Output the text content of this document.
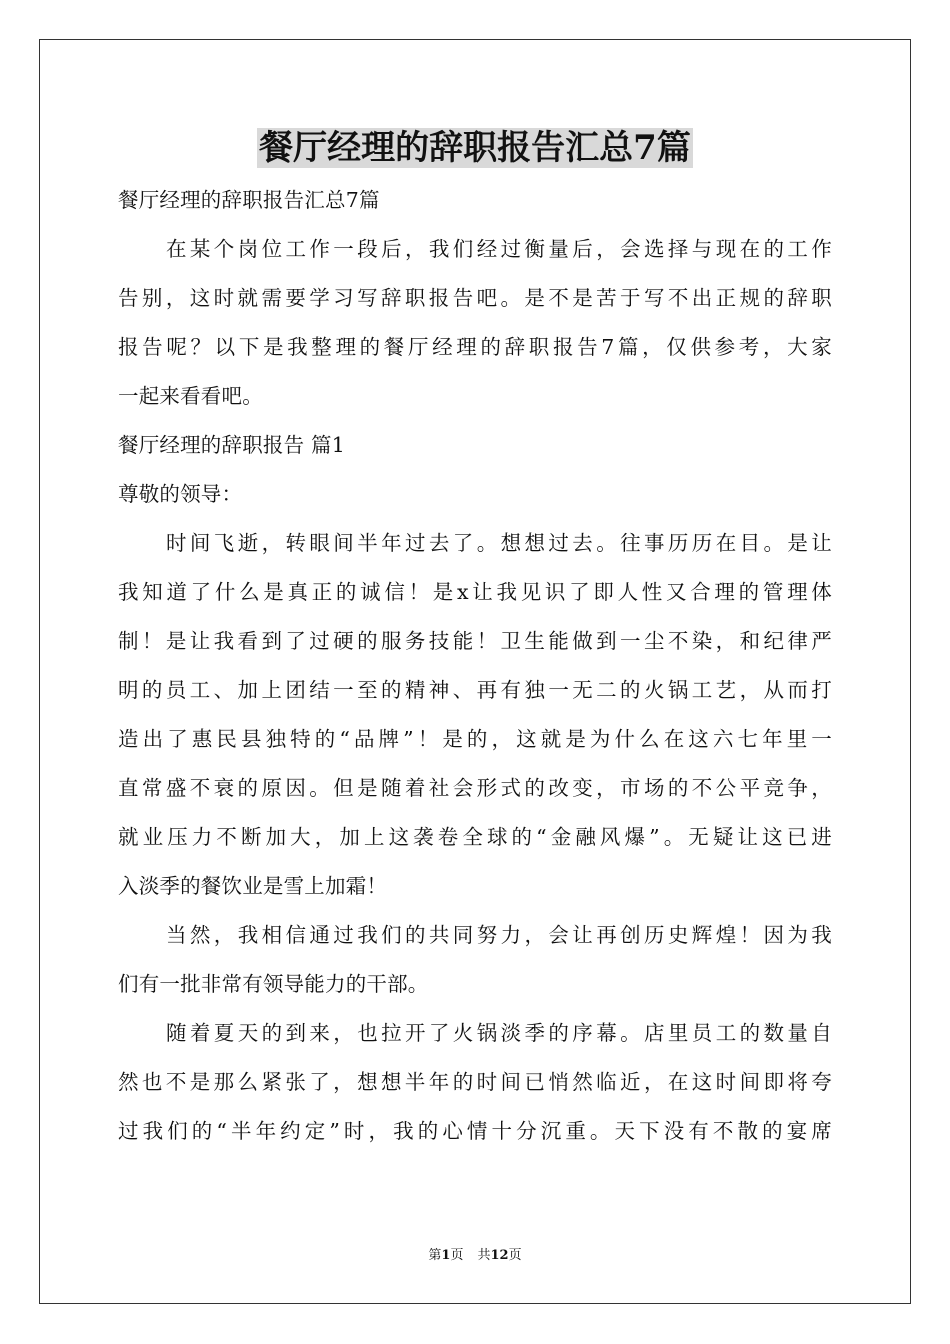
餐厅经理的辞职报告汇总7篇
餐厅经理的辞职报告汇总7篇
在某个岗位工作一段后，我们经过衡量后，会选择与现在的工作
告别，这时就需要学习写辞职报告吧。是不是苦于写不出正规的辞职
报告呢？以下是我整理的餐厅经理的辞职报告7篇，仅供参考，大家
一起来看看吧。
餐厅经理的辞职报告 篇1
尊敬的领导：
时间飞逝，转眼间半年过去了。想想过去。往事历历在目。是让
我知道了什么是真正的诚信！是x让我见识了即人性又合理的管理体
制！是让我看到了过硬的服务技能！卫生能做到一尘不染，和纪律严
明的员工、加上团结一至的精神、再有独一无二的火锅工艺，从而打
造出了惠民县独特的“品牌”！是的，这就是为什么在这六七年里一
直常盛不衰的原因。但是随着社会形式的改变，市场的不公平竞争，
就业压力不断加大，加上这袭卷全球的“金融风爆”。无疑让这已进
入淡季的餐饮业是雪上加霜！
当然，我相信通过我们的共同努力，会让再创历史辉煌！因为我
们有一批非常有领导能力的干部。
随着夏天的到来，也拉开了火锅淡季的序幕。店里员工的数量自
然也不是那么紧张了，想想半年的时间已悄然临近，在这时间即将夸
过我们的“半年约定”时，我的心情十分沉重。天下没有不散的宴席
第1页 共12页
